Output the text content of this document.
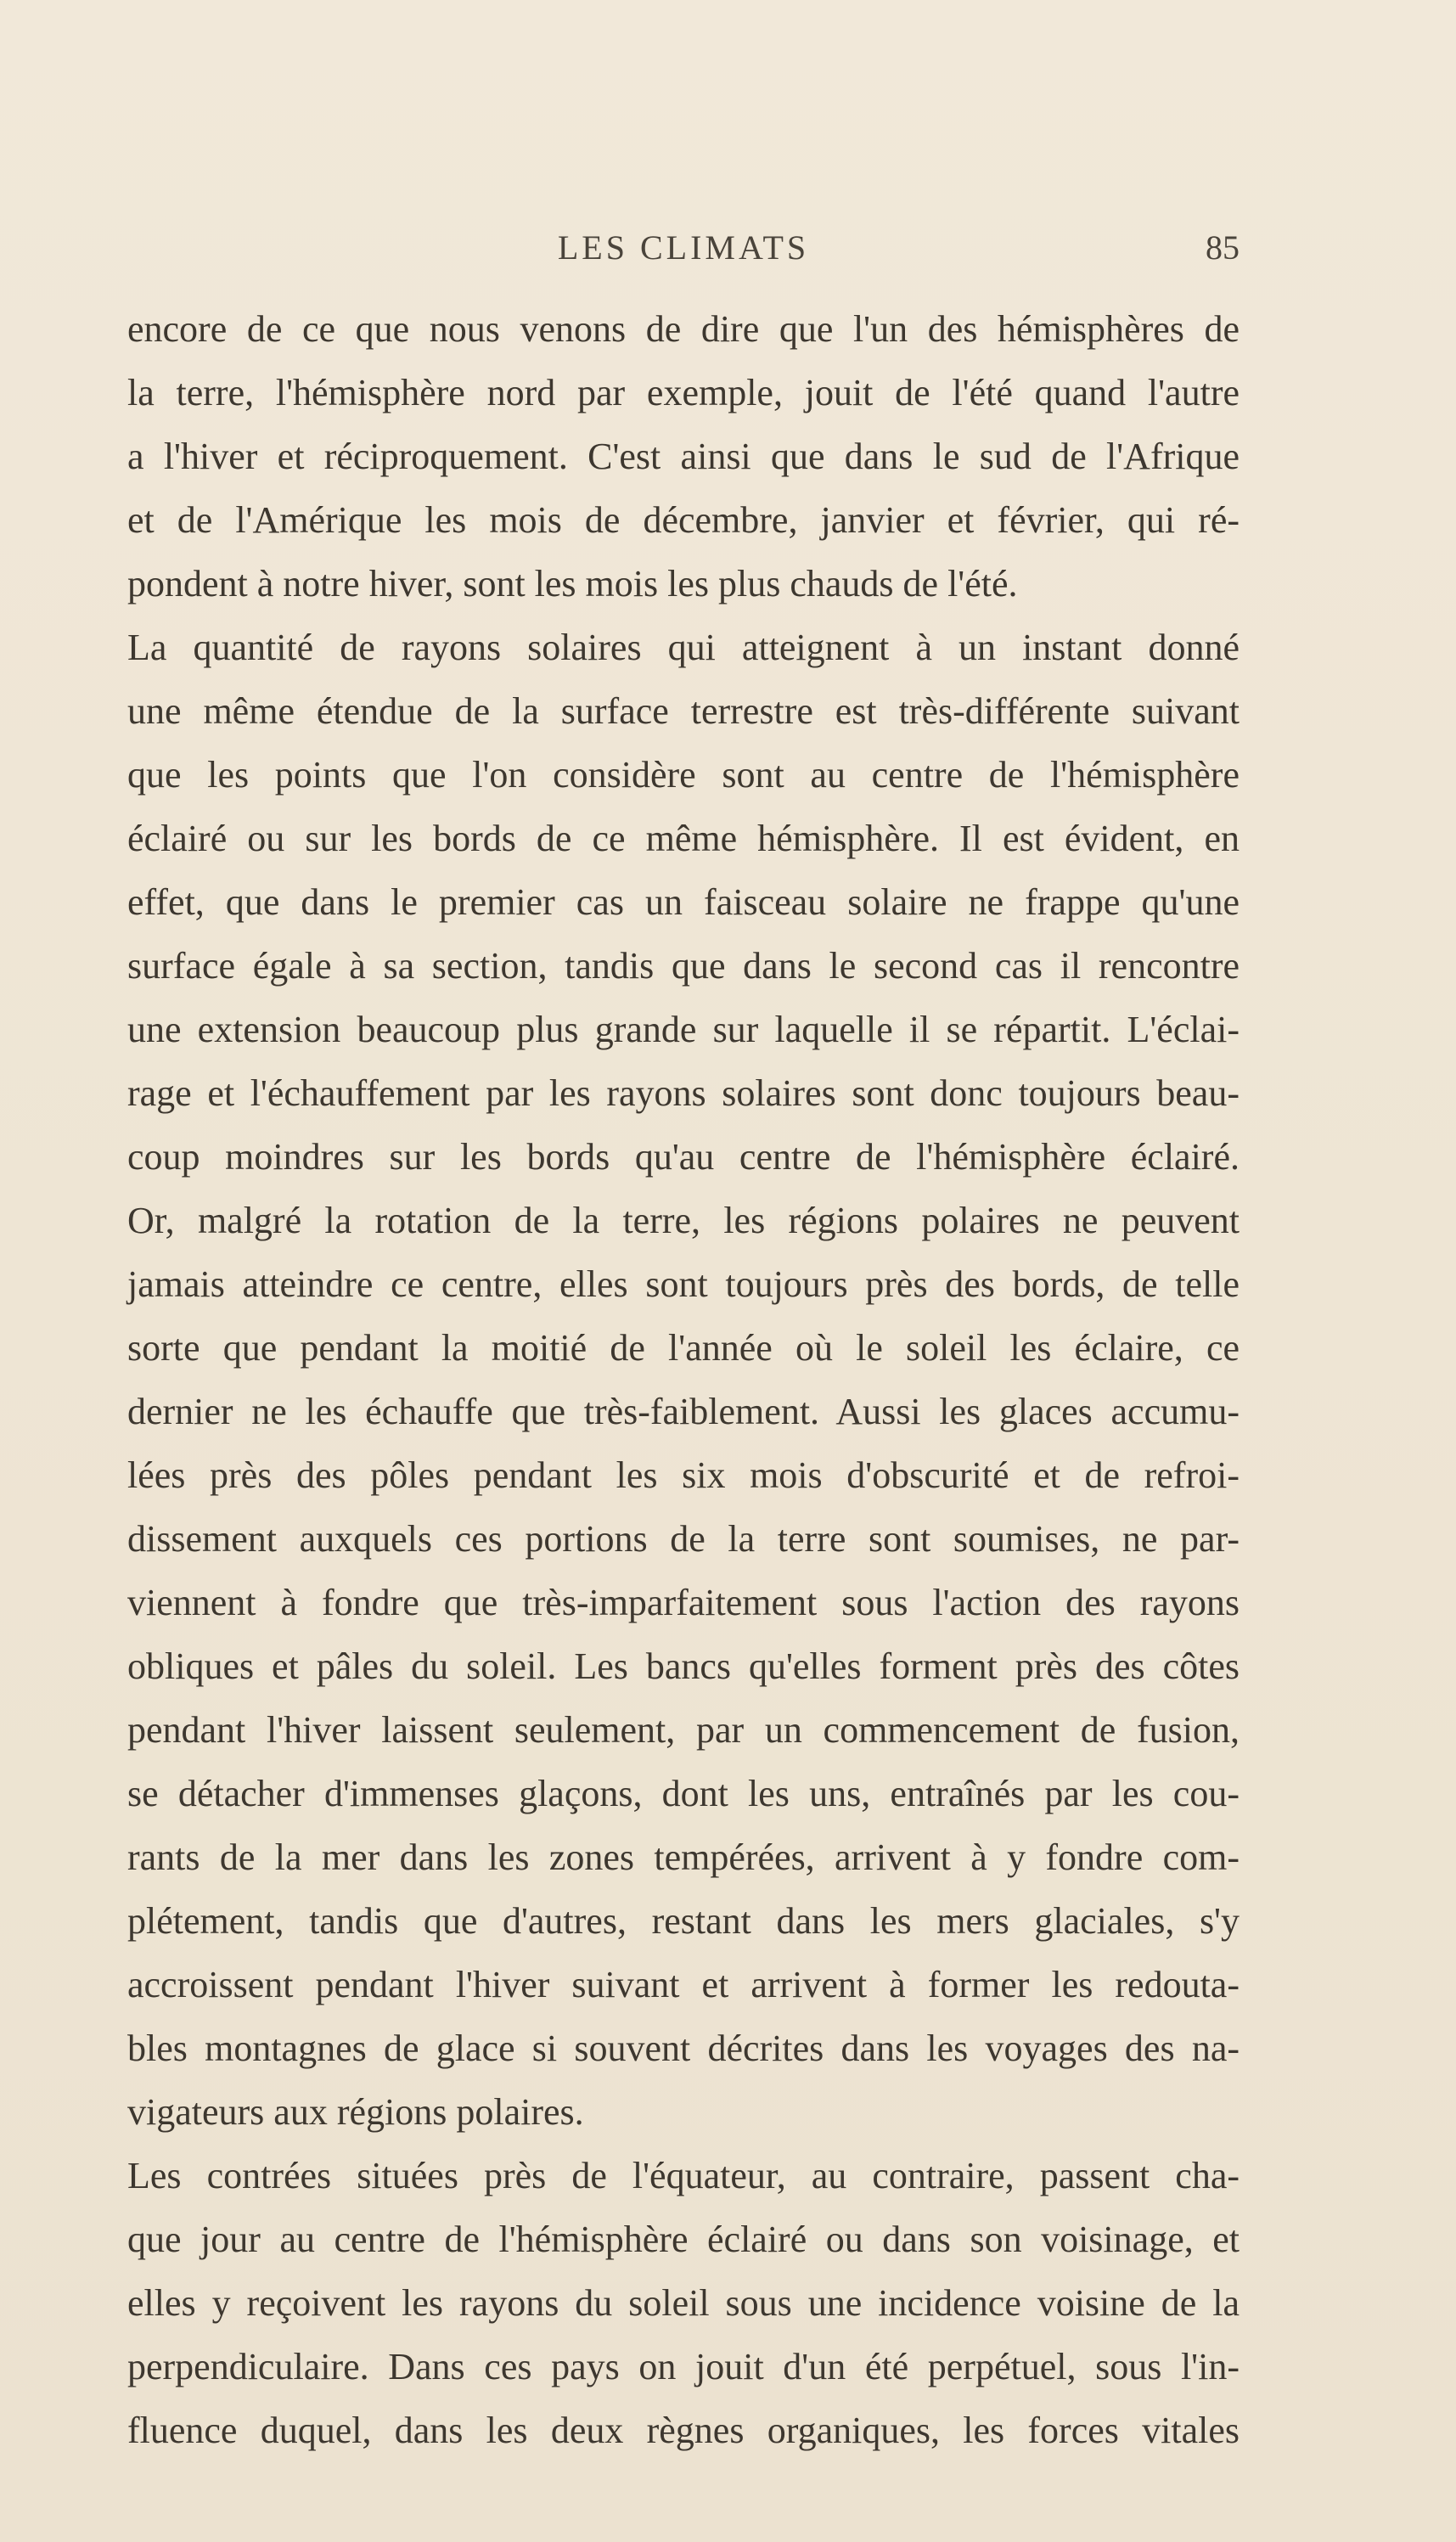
LES CLIMATS	85
encore de ce que nous venons de dire que l'un des hémisphères de
la terre, l'hémisphère nord par exemple, jouit de l'été quand l'autre
a l'hiver et réciproquement. C'est ainsi que dans le sud de l'Afrique
et de l'Amérique les mois de décembre, janvier et février, qui ré-
pondent à notre hiver, sont les mois les plus chauds de l'été.
La quantité de rayons solaires qui atteignent à un instant donné
une même étendue de la surface terrestre est très-différente suivant
que les points que l'on considère sont au centre de l'hémisphère
éclairé ou sur les bords de ce même hémisphère. Il est évident, en
effet, que dans le premier cas un faisceau solaire ne frappe qu'une
surface égale à sa section, tandis que dans le second cas il rencontre
une extension beaucoup plus grande sur laquelle il se répartit. L'éclai-
rage et l'échauffement par les rayons solaires sont donc toujours beau-
coup moindres sur les bords qu'au centre de l'hémisphère éclairé.
Or, malgré la rotation de la terre, les régions polaires ne peuvent
jamais atteindre ce centre, elles sont toujours près des bords, de telle
sorte que pendant la moitié de l'année où le soleil les éclaire, ce
dernier ne les échauffe que très-faiblement. Aussi les glaces accumu-
lées près des pôles pendant les six mois d'obscurité et de refroi-
dissement auxquels ces portions de la terre sont soumises, ne par-
viennent à fondre que très-imparfaitement sous l'action des rayons
obliques et pâles du soleil. Les bancs qu'elles forment près des côtes
pendant l'hiver laissent seulement, par un commencement de fusion,
se détacher d'immenses glaçons, dont les uns, entraînés par les cou-
rants de la mer dans les zones tempérées, arrivent à y fondre com-
plétement, tandis que d'autres, restant dans les mers glaciales, s'y
accroissent pendant l'hiver suivant et arrivent à former les redouta-
bles montagnes de glace si souvent décrites dans les voyages des na-
vigateurs aux régions polaires.
Les contrées situées près de l'équateur, au contraire, passent cha-
que jour au centre de l'hémisphère éclairé ou dans son voisinage, et
elles y reçoivent les rayons du soleil sous une incidence voisine de la
perpendiculaire. Dans ces pays on jouit d'un été perpétuel, sous l'in-
fluence duquel, dans les deux règnes organiques, les forces vitales
